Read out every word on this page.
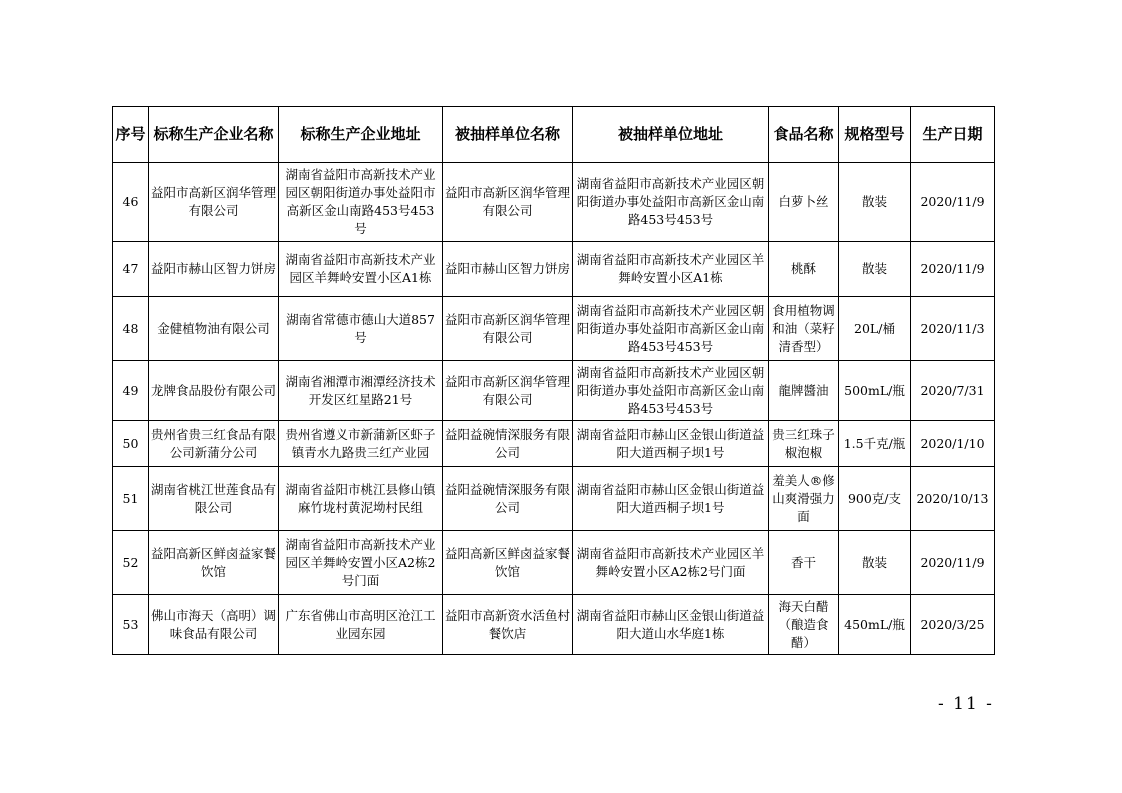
序号	标称生产企业名称	标称生产企业地址	被抽样单位名称	被抽样单位地址	食品名称	规格型号	生产日期
46	益阳市高新区润华管理有限公司	湖南省益阳市高新技术产业园区朝阳街道办事处益阳市高新区金山南路453号453号	益阳市高新区润华管理有限公司	湖南省益阳市高新技术产业园区朝阳街道办事处益阳市高新区金山南路453号453号	白萝卜丝	散装	2020/11/9
47	益阳市赫山区智力饼房	湖南省益阳市高新技术产业园区羊舞岭安置小区A1栋	益阳市赫山区智力饼房	湖南省益阳市高新技术产业园区羊舞岭安置小区A1栋	桃酥	散装	2020/11/9
48	金健植物油有限公司	湖南省常德市德山大道857号	益阳市高新区润华管理有限公司	湖南省益阳市高新技术产业园区朝阳街道办事处益阳市高新区金山南路453号453号	食用植物调和油（菜籽清香型）	20L/桶	2020/11/3
49	龙牌食品股份有限公司	湖南省湘潭市湘潭经济技术开发区红星路21号	益阳市高新区润华管理有限公司	湖南省益阳市高新技术产业园区朝阳街道办事处益阳市高新区金山南路453号453号	龍牌醬油	500mL/瓶	2020/7/31
50	贵州省贵三红食品有限公司新蒲分公司	贵州省遵义市新蒲新区虾子镇青水九路贵三红产业园	益阳益碗情深服务有限公司	湖南省益阳市赫山区金银山街道益阳大道西桐子坝1号	贵三红珠子椒泡椒	1.5千克/瓶	2020/1/10
51	湖南省桃江世莲食品有限公司	湖南省益阳市桃江县修山镇麻竹垅村黄泥坳村民组	益阳益碗情深服务有限公司	湖南省益阳市赫山区金银山街道益阳大道西桐子坝1号	羞美人®修山爽滑强力面	900克/支	2020/10/13
52	益阳高新区鲜卤益家餐饮馆	湖南省益阳市高新技术产业园区羊舞岭安置小区A2栋2号门面	益阳高新区鲜卤益家餐饮馆	湖南省益阳市高新技术产业园区羊舞岭安置小区A2栋2号门面	香干	散装	2020/11/9
53	佛山市海天（高明）调味食品有限公司	广东省佛山市高明区沧江工业园东园	益阳市高新资水活鱼村餐饮店	湖南省益阳市赫山区金银山街道益阳大道山水华庭1栋	海天白醋（酿造食醋）	450mL/瓶	2020/3/25
- 11 -
